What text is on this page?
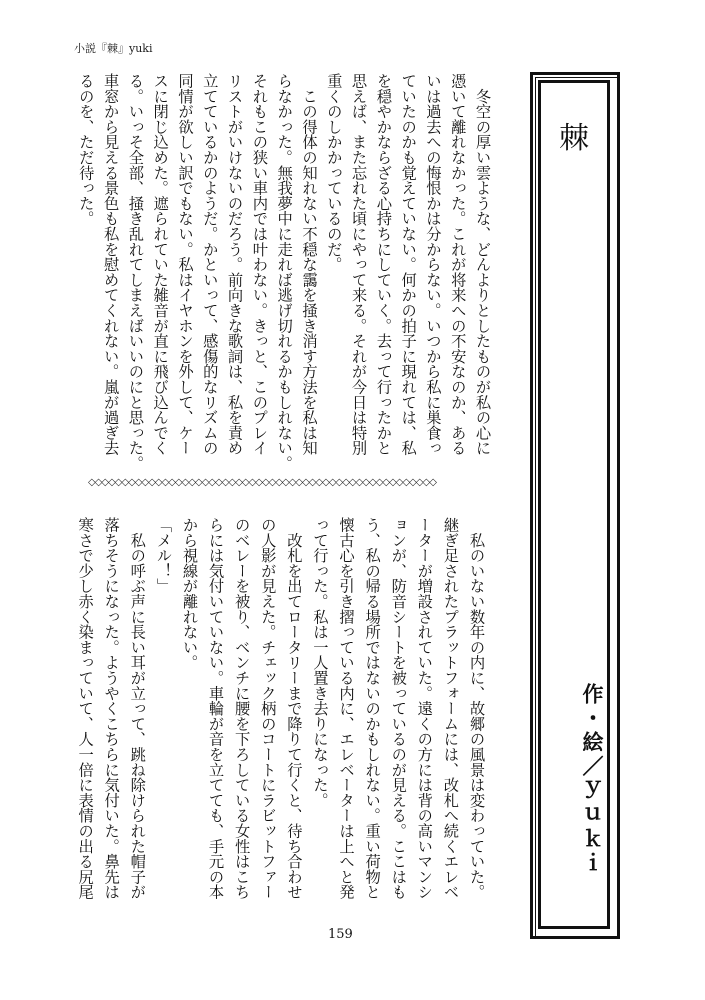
小説『棘』yuki
　冬空の厚い雲ような、どんよりとしたものが私の心に
憑いて離れなかった。これが将来への不安なのか、ある
いは過去への悔恨かは分からない。いつから私に巣食っ
ていたのかも覚えていない。何かの拍子に現れては、私
を穏やかならざる心持ちにしていく。去って行ったかと
思えば、また忘れた頃にやって来る。それが今日は特別
重くのしかかっているのだ。
　この得体の知れない不穏な靄を掻き消す方法を私は知
らなかった。無我夢中に走れば逃げ切れるかもしれない。
それもこの狭い車内では叶わない。きっと、このプレイ
リストがいけないのだろう。前向きな歌詞は、私を責め
立てているかのようだ。かといって、感傷的なリズムの
同情が欲しい訳でもない。私はイヤホンを外して、ケー
スに閉じ込めた。遮られていた雑音が直に飛び込んでく
る。いっそ全部、掻き乱れてしまえばいいのにと思った。
車窓から見える景色も私を慰めてくれない。嵐が過ぎ去
るのを、ただ待った。
◇◇◇◇◇◇◇◇◇◇◇◇◇◇◇◇◇◇◇◇◇◇◇◇◇◇◇◇◇◇◇◇◇◇◇◇◇◇◇◇◇◇◇◇◇◇◇◇◇◇◇◇
　私のいない数年の内に、故郷の風景は変わっていた。
継ぎ足されたプラットフォームには、改札へ続くエレベ
ーターが増設されていた。遠くの方には背の高いマンシ
ョンが、防音シートを被っているのが見える。ここはも
う、私の帰る場所ではないのかもしれない。重い荷物と
懐古心を引き摺っている内に、エレベーターは上へと発
って行った。私は一人置き去りになった。
　改札を出てロータリーまで降りて行くと、待ち合わせ
の人影が見えた。チェック柄のコートにラビットファー
のベレーを被り、ベンチに腰を下ろしている女性はこち
らには気付いていない。車輪が音を立てても、手元の本
から視線が離れない。
「メル！」
　私の呼ぶ声に長い耳が立って、跳ね除けられた帽子が
落ちそうになった。ようやくこちらに気付いた。鼻先は
寒さで少し赤く染まっていて、人一倍に表情の出る尻尾
棘
作・絵／ｙｕｋｉ
159
